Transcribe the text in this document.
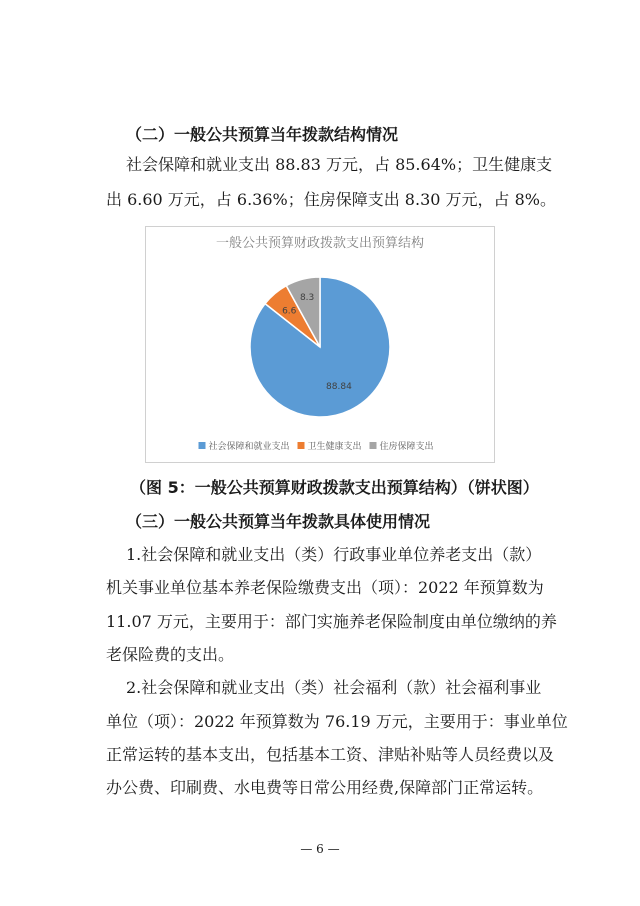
（二）一般公共预算当年拨款结构情况
社会保障和就业支出 88.83 万元，占 85.64%；卫生健康支
出 6.60 万元，占 6.36%；住房保障支出 8.30 万元，占 8%。
一般公共预算财政拨款支出预算结构
88.84
6.6
8.3
社会保障和就业支出 卫生健康支出 住房保障支出
（图 5：一般公共预算财政拨款支出预算结构）（饼状图）
（三）一般公共预算当年拨款具体使用情况
1.社会保障和就业支出（类）行政事业单位养老支出（款）
机关事业单位基本养老保险缴费支出（项）：2022 年预算数为
11.07 万元，主要用于：部门实施养老保险制度由单位缴纳的养
老保险费的支出。
2.社会保障和就业支出（类）社会福利（款）社会福利事业
单位（项）：2022 年预算数为 76.19 万元，主要用于：事业单位
正常运转的基本支出，包括基本工资、津贴补贴等人员经费以及
办公费、印刷费、水电费等日常公用经费,保障部门正常运转。
— 6 —
